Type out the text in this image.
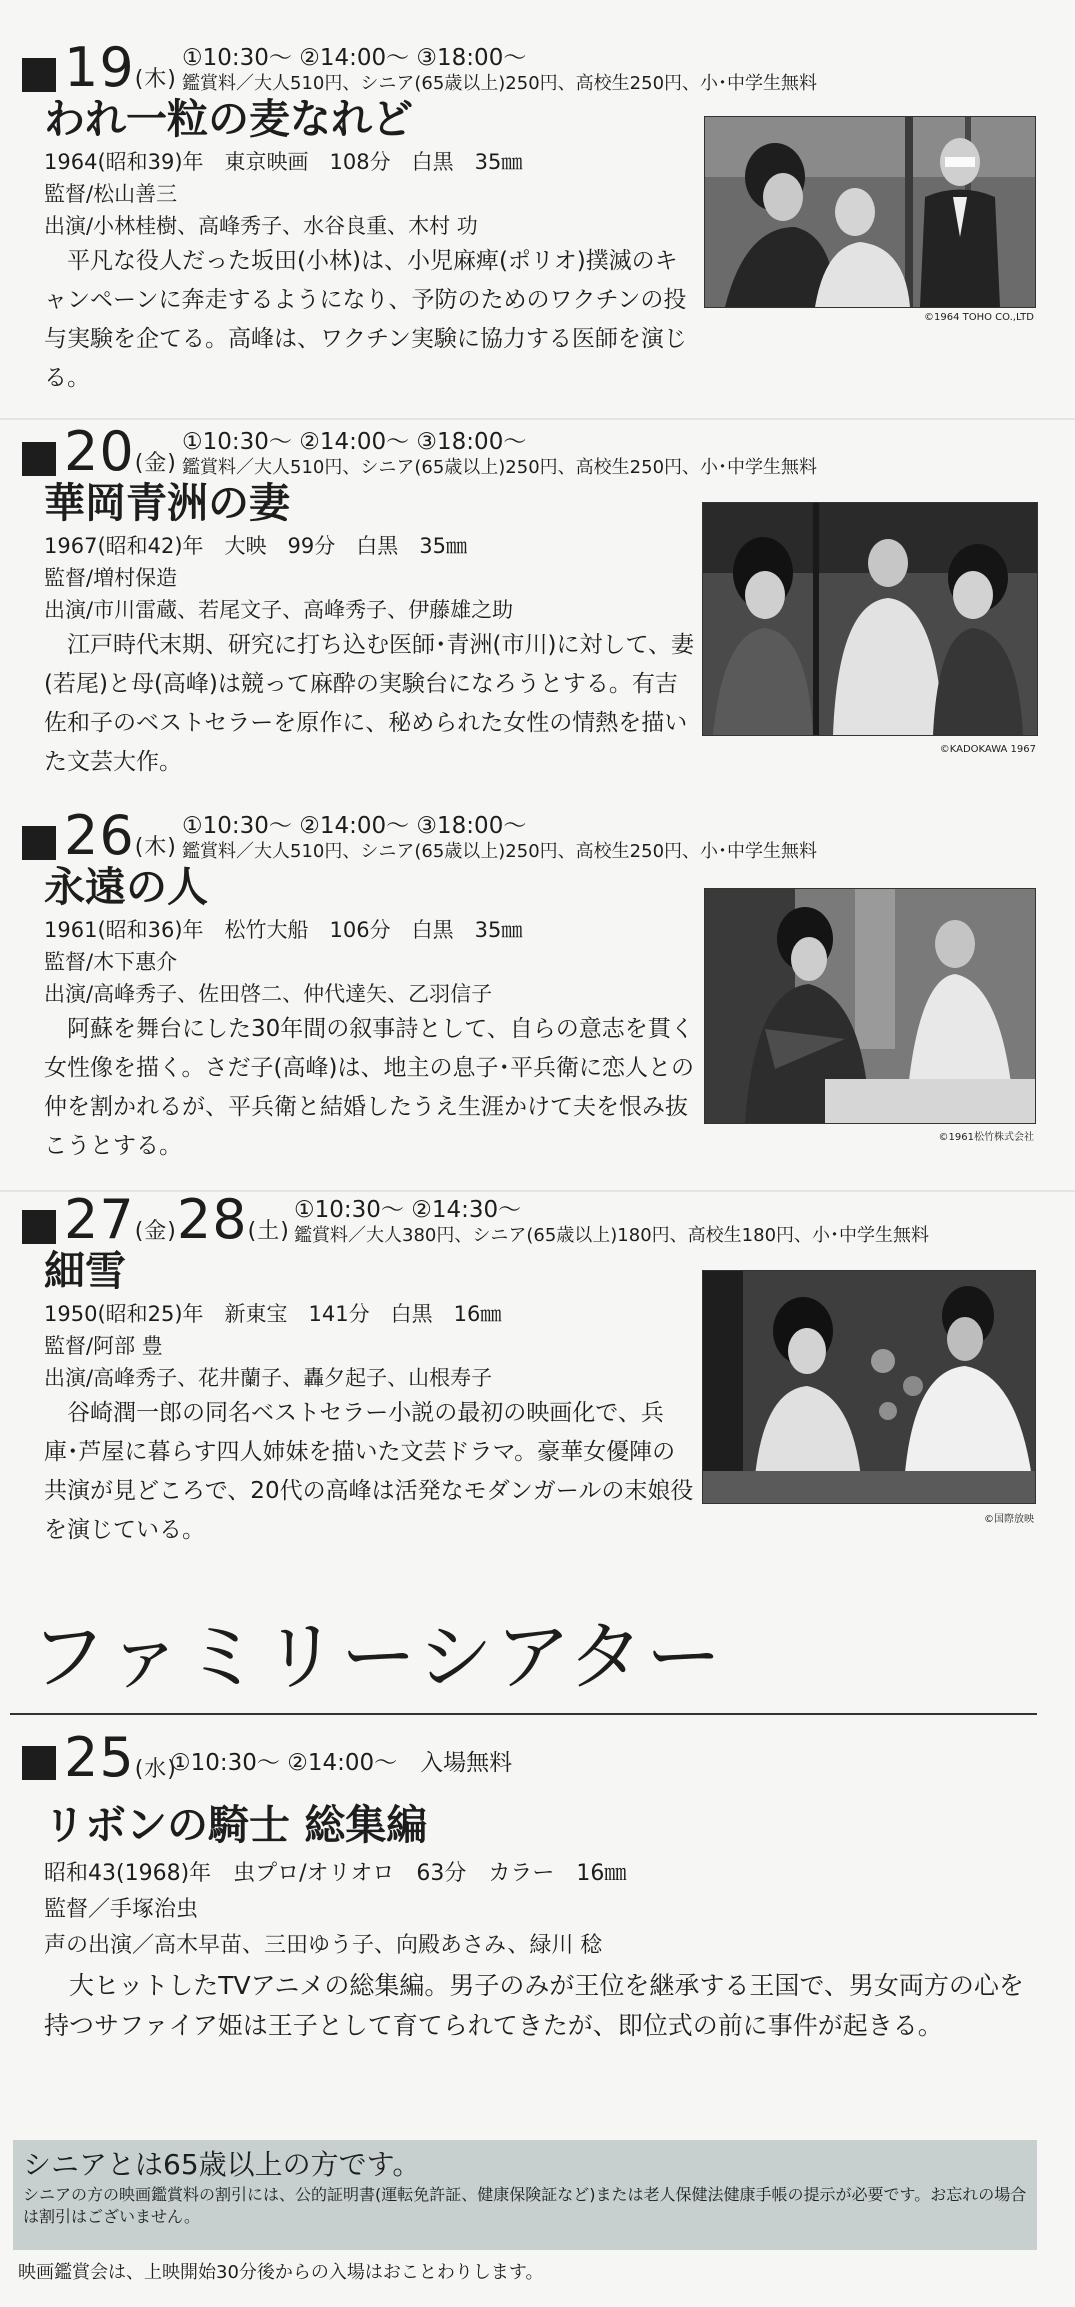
19(木)
①10:30～ ②14:00～ ③18:00～
鑑賞料／大人510円、シニア(65歳以上)250円、高校生250円、小･中学生無料
われ一粒の麦なれど
1964(昭和39)年　東京映画　108分　白黒　35㎜
監督/松山善三
出演/小林桂樹、高峰秀子、水谷良重、木村 功
平凡な役人だった坂田(小林)は、小児麻痺(ポリオ)撲滅のキャンペーンに奔走するようになり、予防のためのワクチンの投与実験を企てる。高峰は、ワクチン実験に協力する医師を演じる。
©1964 TOHO CO.,LTD
20(金)
①10:30～ ②14:00～ ③18:00～
鑑賞料／大人510円、シニア(65歳以上)250円、高校生250円、小･中学生無料
華岡青洲の妻
1967(昭和42)年　大映　99分　白黒　35㎜
監督/増村保造
出演/市川雷蔵、若尾文子、高峰秀子、伊藤雄之助
江戸時代末期、研究に打ち込む医師･青洲(市川)に対して、妻(若尾)と母(高峰)は競って麻酔の実験台になろうとする。有吉佐和子のベストセラーを原作に、秘められた女性の情熱を描いた文芸大作。	©KADOKAWA 1967
26(木)
①10:30～ ②14:00～ ③18:00～
鑑賞料／大人510円、シニア(65歳以上)250円、高校生250円、小･中学生無料
永遠の人
1961(昭和36)年　松竹大船　106分　白黒　35㎜
監督/木下惠介
出演/高峰秀子、佐田啓二、仲代達矢、乙羽信子
阿蘇を舞台にした30年間の叙事詩として、自らの意志を貫く女性像を描く。さだ子(高峰)は、地主の息子･平兵衛に恋人との仲を割かれるが、平兵衛と結婚したうえ生涯かけて夫を恨み抜こうとする。	©1961松竹株式会社
27(金)28(土)
①10:30～ ②14:30～
鑑賞料／大人380円、シニア(65歳以上)180円、高校生180円、小･中学生無料
細雪
1950(昭和25)年　新東宝　141分　白黒　16㎜
監督/阿部 豊
出演/高峰秀子、花井蘭子、轟夕起子、山根寿子
谷崎潤一郎の同名ベストセラー小説の最初の映画化で、兵庫･芦屋に暮らす四人姉妹を描いた文芸ドラマ。豪華女優陣の共演が見どころで、20代の高峰は活発なモダンガールの末娘役を演じている。	©国際放映
ファミリーシアター
25(水)
①10:30～ ②14:00～　入場無料
リボンの騎士 総集編
昭和43(1968)年　虫プロ/オリオロ　63分　カラー　16㎜
監督／手塚治虫
声の出演／高木早苗、三田ゆう子、向殿あさみ、緑川 稔
大ヒットしたTVアニメの総集編。男子のみが王位を継承する王国で、男女両方の心を持つサファイア姫は王子として育てられてきたが、即位式の前に事件が起きる。
シニアとは65歳以上の方です。
シニアの方の映画鑑賞料の割引には、公的証明書(運転免許証、健康保険証など)または老人保健法健康手帳の提示が必要です。お忘れの場合は割引はございません。
映画鑑賞会は、上映開始30分後からの入場はおことわりします。
